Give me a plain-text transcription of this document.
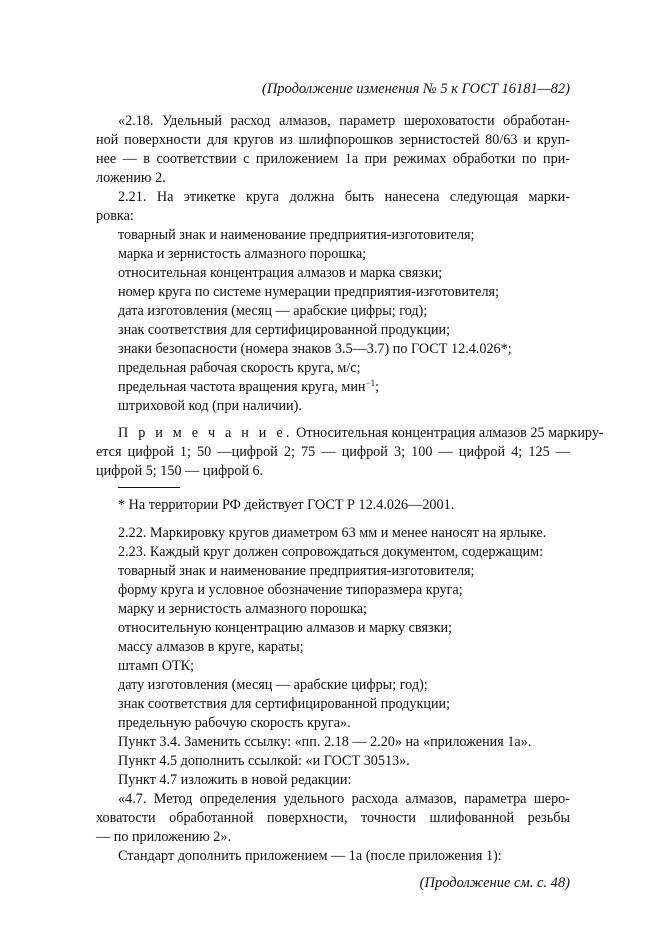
(Продолжение изменения № 5 к ГОСТ 16181—82)
«2.18. Удельный расход алмазов, параметр шероховатости обработан-
ной поверхности для кругов из шлифпорошков зернистостей 80/63 и круп-
нее — в соответствии с приложением 1а при режимах обработки по при-
ложению 2.
2.21. На этикетке круга должна быть нанесена следующая марки-
ровка:
товарный знак и наименование предприятия-изготовителя;
марка и зернистость алмазного порошка;
относительная концентрация алмазов и марка связки;
номер круга по системе нумерации предприятия-изготовителя;
дата изготовления (месяц — арабские цифры; год);
знак соответствия для сертифицированной продукции;
знаки безопасности (номера знаков 3.5—3.7) по ГОСТ 12.4.026*;
предельная рабочая скорость круга, м/с;
предельная частота вращения круга, мин$^{-1}$;
штриховой код (при наличии).
П р и м е ч а н и е. Относительная концентрация алмазов 25 маркиру-
ется цифрой 1; 50 —цифрой 2; 75 — цифрой 3; 100 — цифрой 4; 125 —
цифрой 5; 150 — цифрой 6.
* На территории РФ действует ГОСТ Р 12.4.026—2001.
2.22. Маркировку кругов диаметром 63 мм и менее наносят на ярлыке.
2.23. Каждый круг должен сопровождаться документом, содержащим:
товарный знак и наименование предприятия-изготовителя;
форму круга и условное обозначение типоразмера круга;
марку и зернистость алмазного порошка;
относительную концентрацию алмазов и марку связки;
массу алмазов в круге, караты;
штамп ОТК;
дату изготовления (месяц — арабские цифры; год);
знак соответствия для сертифицированной продукции;
предельную рабочую скорость круга».
Пункт 3.4. Заменить ссылку: «пп. 2.18 — 2.20» на «приложения 1а».
Пункт 4.5 дополнить ссылкой: «и ГОСТ 30513».
Пункт 4.7 изложить в новой редакции:
«4.7. Метод определения удельного расхода алмазов, параметра шеро-
ховатости обработанной поверхности, точности шлифованной резьбы
— по приложению 2».
Стандарт дополнить приложением — 1а (после приложения 1):
(Продолжение см. с. 48)
